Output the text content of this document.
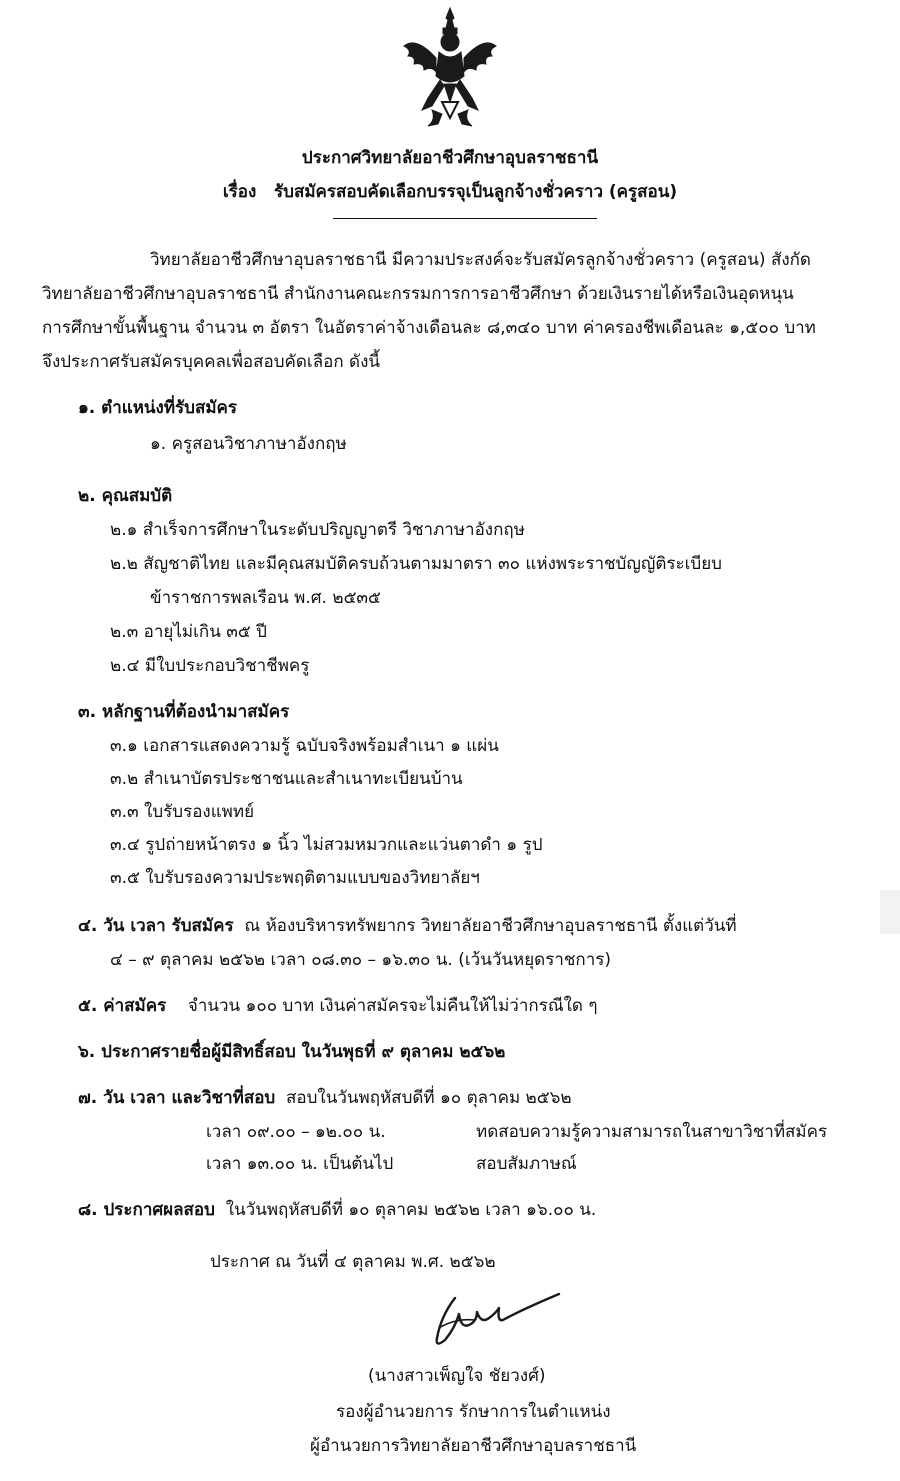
ประกาศวิทยาลัยอาชีวศึกษาอุบลราชธานี
เรื่อง รับสมัครสอบคัดเลือกบรรจุเป็นลูกจ้างชั่วคราว (ครูสอน)
วิทยาลัยอาชีวศึกษาอุบลราชธานี มีความประสงค์จะรับสมัครลูกจ้างชั่วคราว (ครูสอน) สังกัด
วิทยาลัยอาชีวศึกษาอุบลราชธานี สำนักงานคณะกรรมการการอาชีวศึกษา ด้วยเงินรายได้หรือเงินอุดหนุน
การศึกษาขั้นพื้นฐาน จำนวน ๓ อัตรา ในอัตราค่าจ้างเดือนละ ๘,๓๔๐ บาท ค่าครองชีพเดือนละ ๑,๕๐๐ บาท
จึงประกาศรับสมัครบุคคลเพื่อสอบคัดเลือก ดังนี้
๑. ตำแหน่งที่รับสมัคร
๑. ครูสอนวิชาภาษาอังกฤษ
๒. คุณสมบัติ
๒.๑ สำเร็จการศึกษาในระดับปริญญาตรี วิชาภาษาอังกฤษ
๒.๒ สัญชาติไทย และมีคุณสมบัติครบถ้วนตามมาตรา ๓๐ แห่งพระราชบัญญัติระเบียบ
ข้าราชการพลเรือน พ.ศ. ๒๕๓๕
๒.๓ อายุไม่เกิน ๓๕ ปี
๒.๔ มีใบประกอบวิชาชีพครู
๓. หลักฐานที่ต้องนำมาสมัคร
๓.๑ เอกสารแสดงความรู้ ฉบับจริงพร้อมสำเนา ๑ แผ่น
๓.๒ สำเนาบัตรประชาชนและสำเนาทะเบียนบ้าน
๓.๓ ใบรับรองแพทย์
๓.๔ รูปถ่ายหน้าตรง ๑ นิ้ว ไม่สวมหมวกและแว่นตาดำ ๑ รูป
๓.๕ ใบรับรองความประพฤติตามแบบของวิทยาลัยฯ
๔. วัน เวลา รับสมัคร ณ ห้องบริหารทรัพยากร วิทยาลัยอาชีวศึกษาอุบลราชธานี ตั้งแต่วันที่
๔ – ๙ ตุลาคม ๒๕๖๒ เวลา ๐๘.๓๐ – ๑๖.๓๐ น. (เว้นวันหยุดราชการ)
๕. ค่าสมัคร จำนวน ๑๐๐ บาท เงินค่าสมัครจะไม่คืนให้ไม่ว่ากรณีใด ๆ
๖. ประกาศรายชื่อผู้มีสิทธิ์สอบ ในวันพุธที่ ๙ ตุลาคม ๒๕๖๒
๗. วัน เวลา และวิชาที่สอบ สอบในวันพฤหัสบดีที่ ๑๐ ตุลาคม ๒๕๖๒
เวลา ๐๙.๐๐ – ๑๒.๐๐ น.	ทดสอบความรู้ความสามารถในสาขาวิชาที่สมัคร
เวลา ๑๓.๐๐ น. เป็นต้นไป	สอบสัมภาษณ์
๘. ประกาศผลสอบ ในวันพฤหัสบดีที่ ๑๐ ตุลาคม ๒๕๖๒ เวลา ๑๖.๐๐ น.
ประกาศ ณ วันที่ ๔ ตุลาคม พ.ศ. ๒๕๖๒
(นางสาวเพ็ญใจ ชัยวงศ์)
รองผู้อำนวยการ รักษาการในตำแหน่ง
ผู้อำนวยการวิทยาลัยอาชีวศึกษาอุบลราชธานี
